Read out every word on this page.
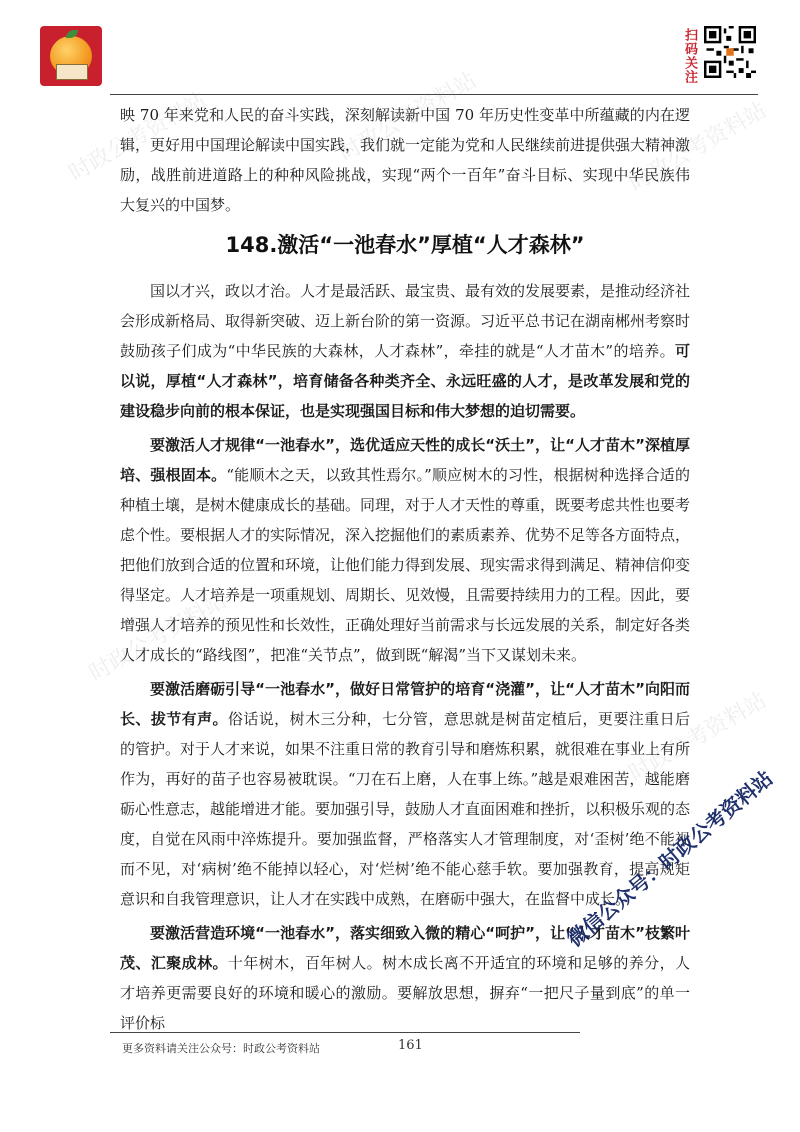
扫码关注
时政公考资料站	时政公考资料站	时政公考资料站
时政公考资料站
时政公考资料站

映 70 年来党和人民的奋斗实践，深刻解读新中国 70 年历史性变革中所蕴藏的内在逻辑，更好用中国理论解读中国实践，我们就一定能为党和人民继续前进提供强大精神激励，战胜前进道路上的种种风险挑战，实现“两个一百年”奋斗目标、实现中华民族伟大复兴的中国梦。

148.激活“一池春水”厚植“人才森林”

国以才兴，政以才治。人才是最活跃、最宝贵、最有效的发展要素，是推动经济社会形成新格局、取得新突破、迈上新台阶的第一资源。习近平总书记在湖南郴州考察时鼓励孩子们成为“中华民族的大森林，人才森林”，牵挂的就是“人才苗木”的培养。可以说，厚植“人才森林”，培育储备各种类齐全、永远旺盛的人才，是改革发展和党的建设稳步向前的根本保证，也是实现强国目标和伟大梦想的迫切需要。

要激活人才规律“一池春水”，选优适应天性的成长“沃土”，让“人才苗木”深植厚培、强根固本。“能顺木之天，以致其性焉尔。”顺应树木的习性，根据树种选择合适的种植土壤，是树木健康成长的基础。同理，对于人才天性的尊重，既要考虑共性也要考虑个性。要根据人才的实际情况，深入挖掘他们的素质素养、优势不足等各方面特点，把他们放到合适的位置和环境，让他们能力得到发展、现实需求得到满足、精神信仰变得坚定。人才培养是一项重规划、周期长、见效慢，且需要持续用力的工程。因此，要增强人才培养的预见性和长效性，正确处理好当前需求与长远发展的关系，制定好各类人才成长的“路线图”，把准“关节点”，做到既“解渴”当下又谋划未来。

要激活磨砺引导“一池春水”，做好日常管护的培育“浇灌”，让“人才苗木”向阳而长、拔节有声。俗话说，树木三分种，七分管，意思就是树苗定植后，更要注重日后的管护。对于人才来说，如果不注重日常的教育引导和磨炼积累，就很难在事业上有所作为，再好的苗子也容易被耽误。“刀在石上磨，人在事上练。”越是艰难困苦，越能磨砺心性意志，越能增进才能。要加强引导，鼓励人才直面困难和挫折，以积极乐观的态度，自觉在风雨中淬炼提升。要加强监督，严格落实人才管理制度，对‘歪树’绝不能视而不见，对‘病树’绝不能掉以轻心，对‘烂树’绝不能心慈手软。要加强教育，提高规矩意识和自我管理意识，让人才在实践中成熟，在磨砺中强大，在监督中成长。

要激活营造环境“一池春水”，落实细致入微的精心“呵护”，让“人才苗木”枝繁叶茂、汇聚成林。十年树木，百年树人。树木成长离不开适宜的环境和足够的养分，人才培养更需要良好的环境和暖心的激励。要解放思想，摒弃“一把尺子量到底”的单一评价标

更多资料请关注公众号：时政公考资料站	161
微信公众号：时政公考资料站
